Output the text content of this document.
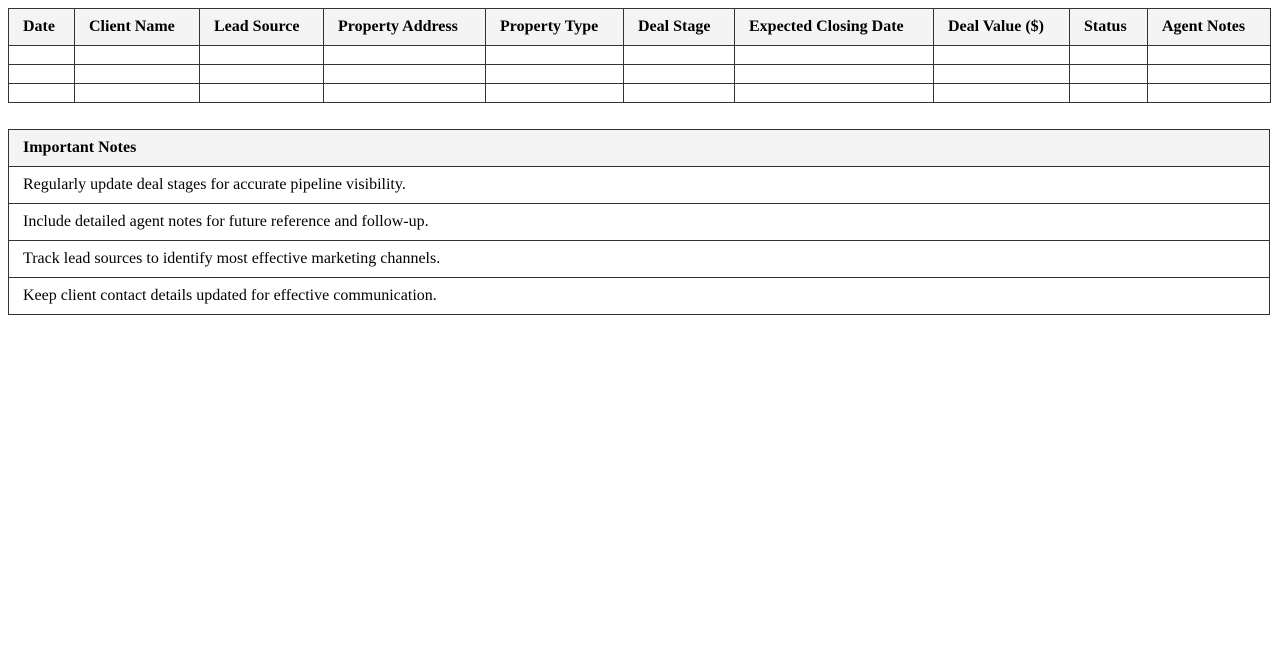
Date	Client Name	Lead Source	Property Address	Property Type	Deal Stage	Expected Closing Date	Deal Value ($)	Status	Agent Notes

Important Notes
Regularly update deal stages for accurate pipeline visibility.
Include detailed agent notes for future reference and follow-up.
Track lead sources to identify most effective marketing channels.
Keep client contact details updated for effective communication.
